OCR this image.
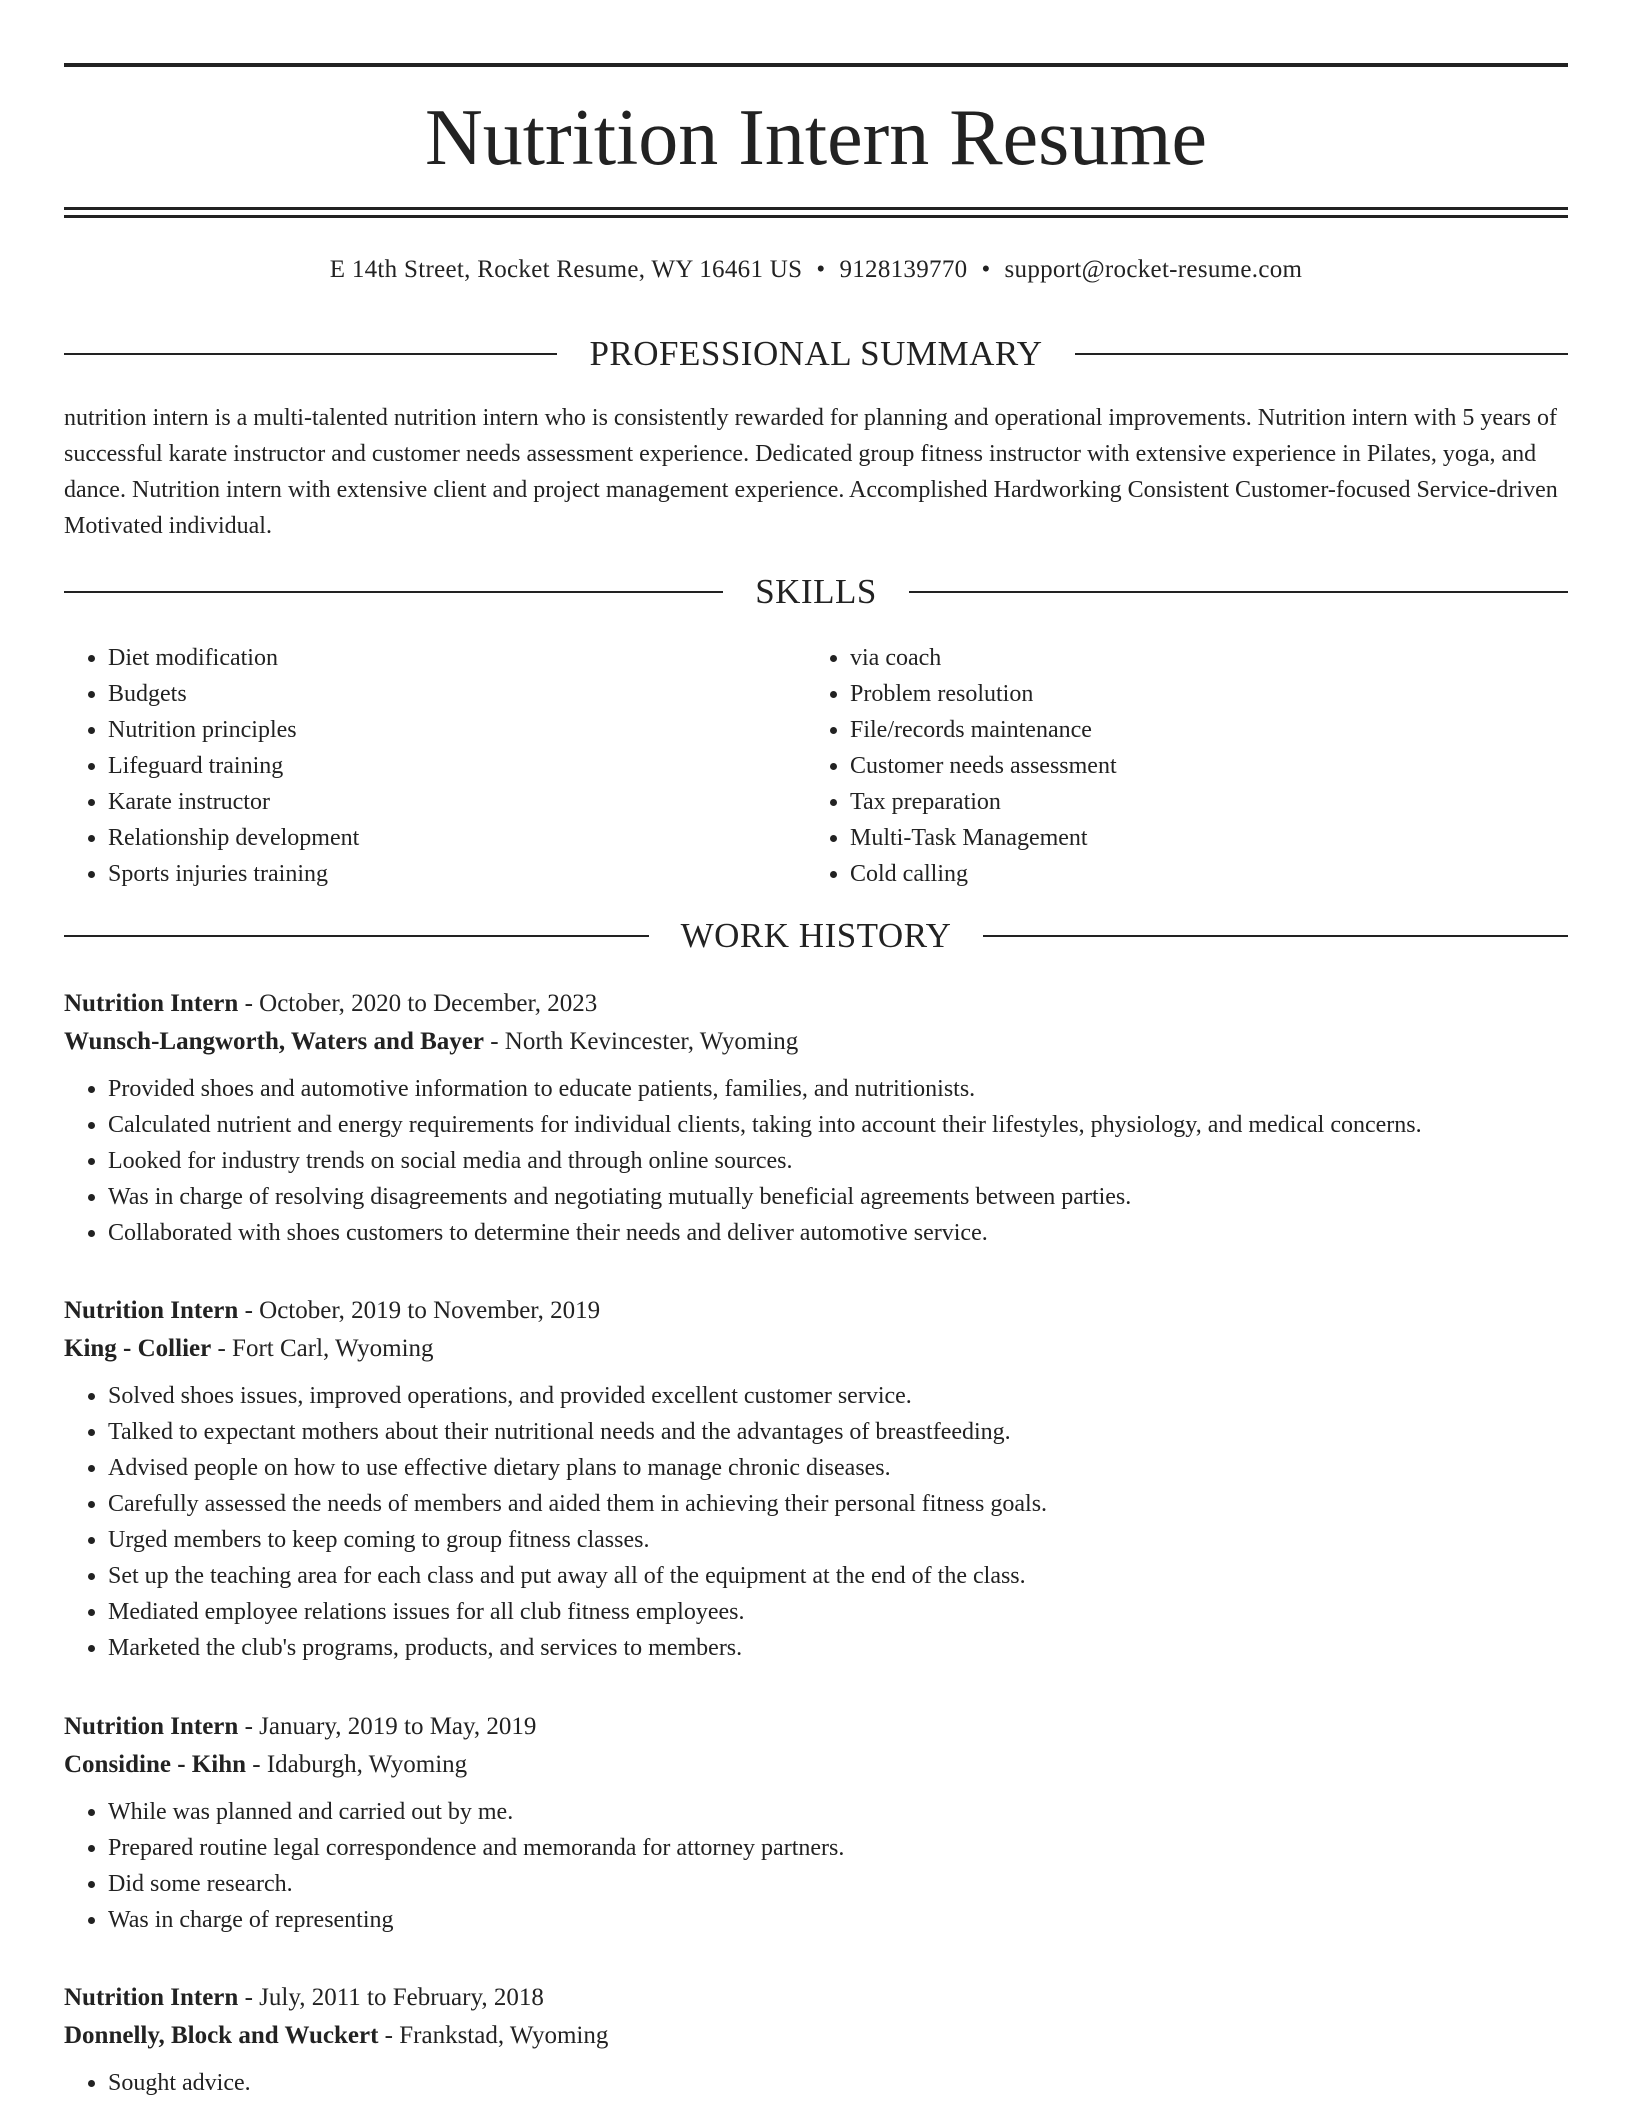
Nutrition Intern Resume
E 14th Street, Rocket Resume, WY 16461 US • 9128139770 • support@rocket-resume.com
PROFESSIONAL SUMMARY

nutrition intern is a multi-talented nutrition intern who is consistently rewarded for planning and operational improvements. Nutrition intern with 5 years of successful karate instructor and customer needs assessment experience. Dedicated group fitness instructor with extensive experience in Pilates, yoga, and dance. Nutrition intern with extensive client and project management experience. Accomplished Hardworking Consistent Customer-focused Service-driven Motivated individual.

SKILLS
• Diet modification
• Budgets
• Nutrition principles
• Lifeguard training
• Karate instructor
• Relationship development
• Sports injuries training
• via coach
• Problem resolution
• File/records maintenance
• Customer needs assessment
• Tax preparation
• Multi-Task Management
• Cold calling
WORK HISTORY

Nutrition Intern - October, 2020 to December, 2023

Wunsch-Langworth, Waters and Bayer - North Kevincester, Wyoming

• Provided shoes and automotive information to educate patients, families, and nutritionists.
• Calculated nutrient and energy requirements for individual clients, taking into account their lifestyles, physiology, and medical concerns.
• Looked for industry trends on social media and through online sources.
• Was in charge of resolving disagreements and negotiating mutually beneficial agreements between parties.
• Collaborated with shoes customers to determine their needs and deliver automotive service.

Nutrition Intern - October, 2019 to November, 2019

King - Collier - Fort Carl, Wyoming

• Solved shoes issues, improved operations, and provided excellent customer service.
• Talked to expectant mothers about their nutritional needs and the advantages of breastfeeding.
• Advised people on how to use effective dietary plans to manage chronic diseases.
• Carefully assessed the needs of members and aided them in achieving their personal fitness goals.
• Urged members to keep coming to group fitness classes.
• Set up the teaching area for each class and put away all of the equipment at the end of the class.
• Mediated employee relations issues for all club fitness employees.
• Marketed the club's programs, products, and services to members.

Nutrition Intern - January, 2019 to May, 2019

Considine - Kihn - Idaburgh, Wyoming

• While was planned and carried out by me.
• Prepared routine legal correspondence and memoranda for attorney partners.
• Did some research.
• Was in charge of representing

Nutrition Intern - July, 2011 to February, 2018

Donnelly, Block and Wuckert - Frankstad, Wyoming

• Sought advice.
